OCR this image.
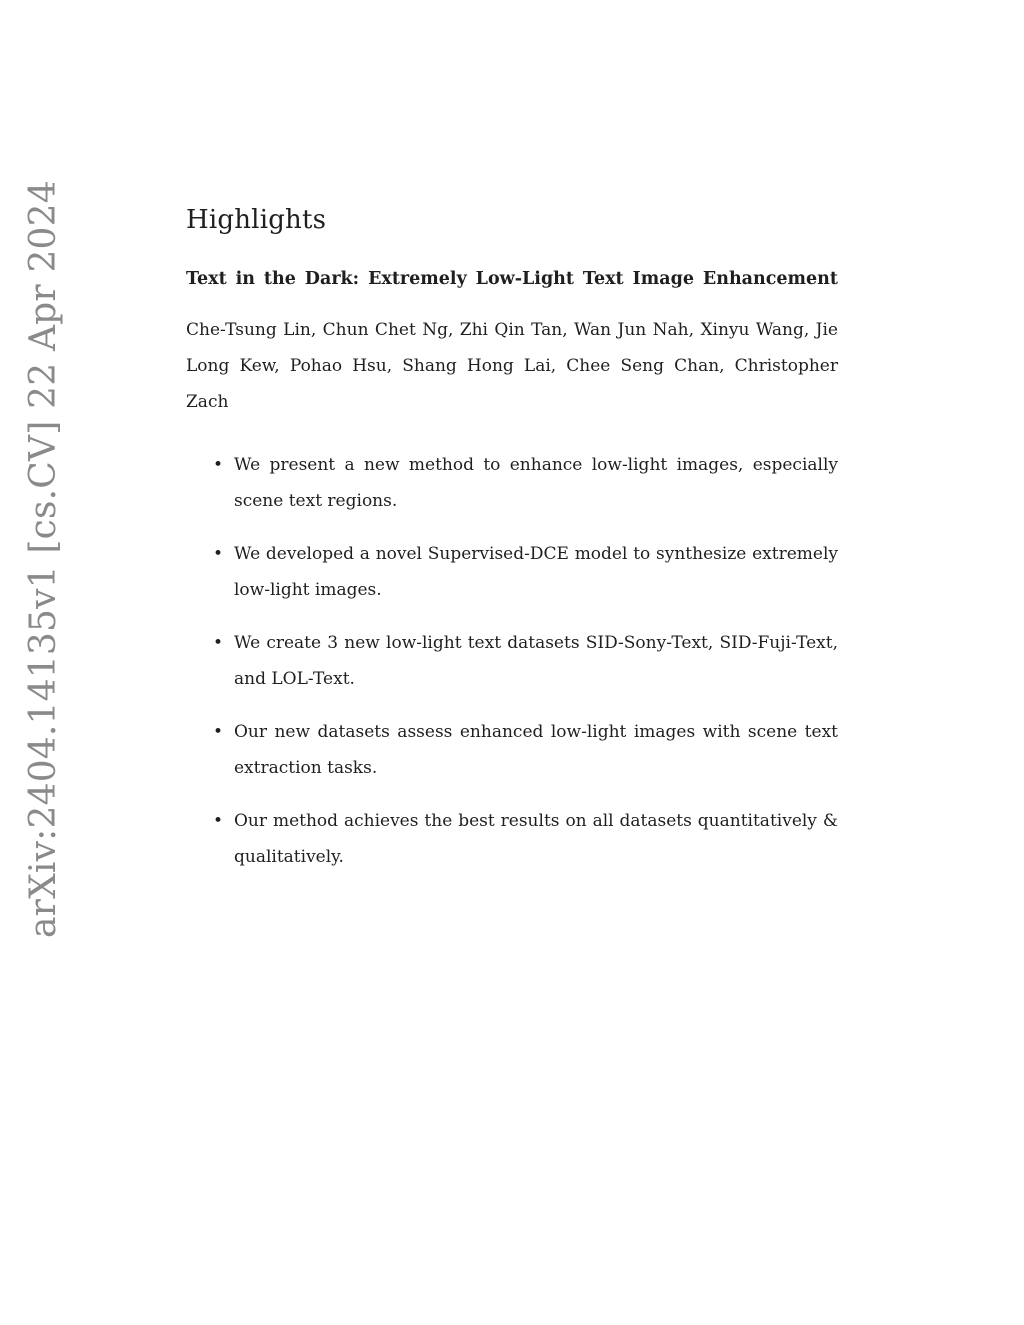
arXiv:2404.14135v1 [cs.CV] 22 Apr 2024	Highlights

Text in the Dark: Extremely Low-Light Text Image Enhancement

Che-Tsung Lin, Chun Chet Ng, Zhi Qin Tan, Wan Jun Nah, Xinyu Wang, Jie Long Kew, Pohao Hsu, Shang Hong Lai, Chee Seng Chan, Christopher Zach

• We present a new method to enhance low-light images, especially scene text regions.
• We developed a novel Supervised-DCE model to synthesize extremely low-light images.
• We create 3 new low-light text datasets SID-Sony-Text, SID-Fuji-Text, and LOL-Text.
• Our new datasets assess enhanced low-light images with scene text extraction tasks.
• Our method achieves the best results on all datasets quantitatively & qualitatively.
